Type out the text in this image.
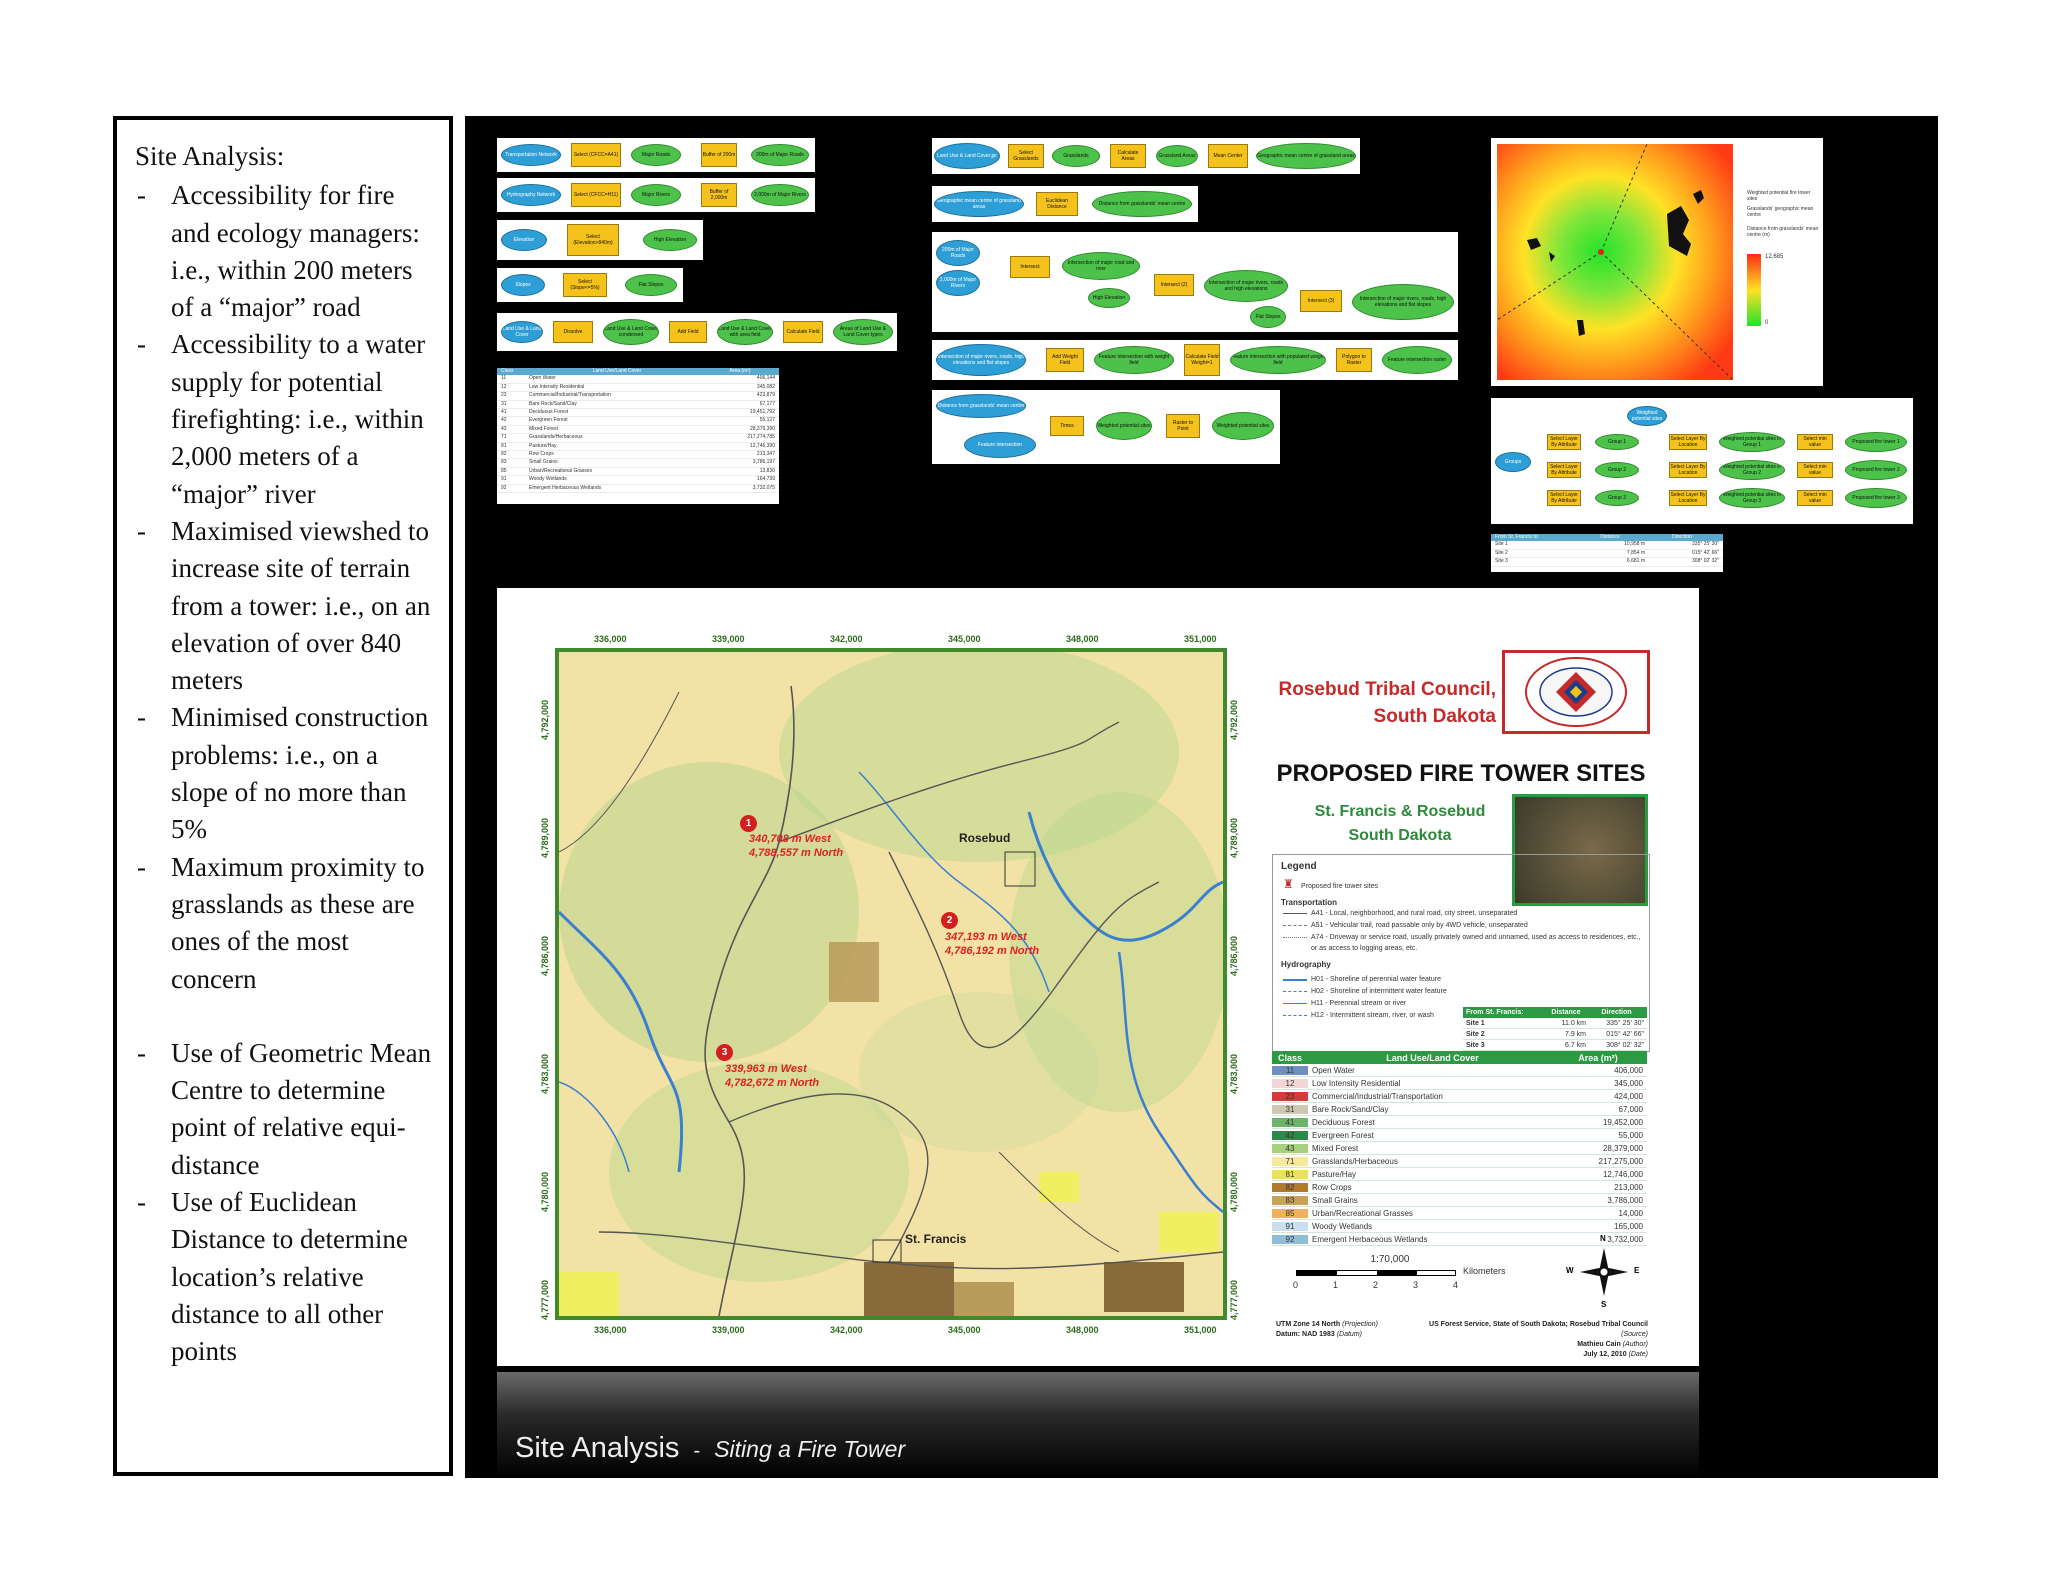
Site Analysis:
- Accessibility for fire and ecology managers: i.e., within 200 meters of a “major” road
- Accessibility to a water supply for potential firefighting: i.e., within 2,000 meters of a “major” river
- Maximised viewshed to increase site of terrain from a tower: i.e., on an elevation of over 840 meters
- Minimised construction problems: i.e., on a slope of no more than 5%
- Maximum proximity to grasslands as these are ones of the most concern
- Use of Geometric Mean Centre to determine point of relative equi-distance
- Use of Euclidean Distance to determine location’s relative distance to all other points
Transportation Network	Select (CFCC=A41)	Major Roads	Buffer of 200m	200m of Major Roads
Hydrography Network	Select (CFCC=H11)	Major Rivers	Buffer of 2,000m	2,000m of Major Rivers
Elevation	Select (Elevation>840m)	High Elevation
Slopes	Select (Slope<=5%)	Flat Slopes
Land Use & Land Cover	Dissolve	Land Use & Land Cover condensed	Add Field	Land Use & Land Cover with area field	Calculate Field	Areas of Land Use & Land Cover types
Class	Land Use/Land Cover	Area (m²)
11	Open Water	406,144
12	Low Intensity Residential	345,082
23	Commercial/Industrial/Transportation	423,879
31	Bare Rock/Sand/Clay	67,177
41	Deciduous Forest	19,451,792
42	Evergreen Forest	55,127
43	Mixed Forest	28,379,390
71	Grasslands/Herbaceous	217,274,785
81	Pasture/Hay	12,746,390
82	Row Crops	213,347
83	Small Grains	3,786,197
85	Urban/Recreational Grasses	13,830
91	Woody Wetlands	164,739
92	Emergent Herbaceous Wetlands	3,732,075
Land Use & Land Cover.jpr	Select Grasslands	Grasslands	Calculate Areas	Grassland Areas	Mean Center	Geographic mean centre of grassland areas
Geographic mean centre of grassland areas
Euclidean Distance	Distance from grasslands' mean centre
200m of Major Roads
2,000m of Major Rivers
Intersect
Intersection of major road and river
High Elevation
Intersect (2)	Intersection of major rivers, roads and high elevations
Flat Slopes
Intersect (3)	Intersection of major rivers, roads, high elevations and flat slopes
Intersection of major rivers, roads, high elevations and flat slopes
Add Weight Field
Feature intersection with weight field
Calculate Field Weight=1
Feature intersection with populated weight field
Polygon to Raster	Feature intersection raster
Distance from grasslands' mean centre
Feature intersection
Times	Weighted potential sites	Raster to Point	Weighted potential sites
Weighted potential fire tower sites
Grasslands' geographic mean centre
Distance from grasslands' mean centre (m)
12,685
0
Weighted potential sites
Groups
Select Layer By Attribute
Select Layer By Attribute
Select Layer By Attribute
Group 1
Group 2
Group 3
Select Layer By Location
Select Layer By Location
Select Layer By Location
Weighted potential sites in Group 1
Weighted potential sites in Group 2
Weighted potential sites in Group 3
Select min value
Select min value
Select min value
Proposed fire tower 1
Proposed fire tower 2
Proposed fire tower 3
From St. Francis to:	Distance	Direction
Site 1	10,958 m	335° 25' 30"
Site 2	7,854 m	015° 42' 66"
Site 3	6,681 m	308° 02' 32"
1
340,708 m West
4,788,557 m North
2
347,193 m West
4,786,192 m North
3
339,963 m West
4,782,672 m North
Rosebud
St. Francis
336,000	339,000	342,000	345,000	348,000	351,000
336,000	339,000	342,000	345,000	348,000	351,000
4,792,000
4,789,000
4,786,000
4,783,000
4,780,000
4,777,000
4,792,000
4,789,000
4,786,000
4,783,000
4,780,000
4,777,000
Rosebud Tribal Council,
South Dakota
PROPOSED FIRE TOWER SITES
St. Francis & Rosebud
South Dakota
Legend
♜ Proposed fire tower sites
Transportation
A41 - Local, neighborhood, and rural road, city street, unseparated
A51 - Vehicular trail, road passable only by 4WD vehicle, unseparated
A74 - Driveway or service road, usually privately owned and unnamed, used as access to residences, etc., or as access to logging areas, etc.
Hydrography
H01 - Shoreline of perennial water feature
H02 - Shoreline of intermittent water feature
H11 - Perennial stream or river
H12 - Intermittent stream, river, or wash	From St. Francis:	Distance	Direction
Site 1	11.0 km	335° 25' 30"
Site 2	7.9 km	015° 42' 66"
Site 3	6.7 km	308° 02' 32"
Class	Land Use/Land Cover	Area (m²)
11	Open Water	406,000
12	Low Intensity Residential	345,000
23	Commercial/Industrial/Transportation	424,000
31	Bare Rock/Sand/Clay	67,000
41	Deciduous Forest	19,452,000
42	Evergreen Forest	55,000
43	Mixed Forest	28,379,000
71	Grasslands/Herbaceous	217,275,000
81	Pasture/Hay	12,746,000
82	Row Crops	213,000
83	Small Grains	3,786,000
85	Urban/Recreational Grasses	14,000
91	Woody Wetlands	165,000
92	Emergent Herbaceous Wetlands	3,732,000
1:70,000
Kilometers
0	1	2	3	4
N
E
S
W
UTM Zone 14 North (Projection)
Datum: NAD 1983 (Datum)
US Forest Service, State of South Dakota; Rosebud Tribal Council (Source)
Mathieu Cain (Author)
July 12, 2010 (Date)
Site Analysis - Siting a Fire Tower
